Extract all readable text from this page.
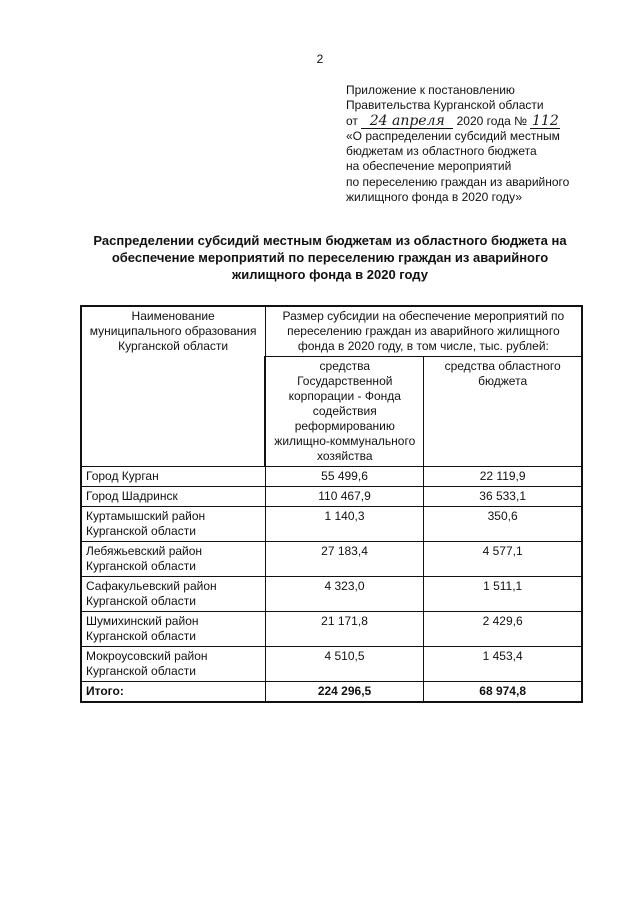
2
Приложение к постановлению
Правительства Курганской области
от 24 апреля 2020 года № 112
«О распределении субсидий местным
бюджетам из областного бюджета
на обеспечение мероприятий
по переселению граждан из аварийного
жилищного фонда в 2020 году»
Распределении субсидий местным бюджетам из областного бюджета на обеспечение мероприятий по переселению граждан из аварийного жилищного фонда в 2020 году
Наименование муниципального образования Курганской области	Размер субсидии на обеспечение мероприятий по переселению граждан из аварийного жилищного фонда в 2020 году, в том числе, тыс. рублей:	
	средства Государственной корпорации - Фонда содействия реформированию жилищно-коммунального хозяйства	средства областного бюджета
Город Курган	55 499,6	22 119,9
Город Шадринск	110 467,9	36 533,1
Куртамышский район Курганской области	1 140,3	350,6
Лебяжьевский район Курганской области	27 183,4	4 577,1
Сафакульевский район Курганской области	4 323,0	1 511,1
Шумихинский район Курганской области	21 171,8	2 429,6
Мокроусовский район Курганской области	4 510,5	1 453,4
Итого:	224 296,5	68 974,8
